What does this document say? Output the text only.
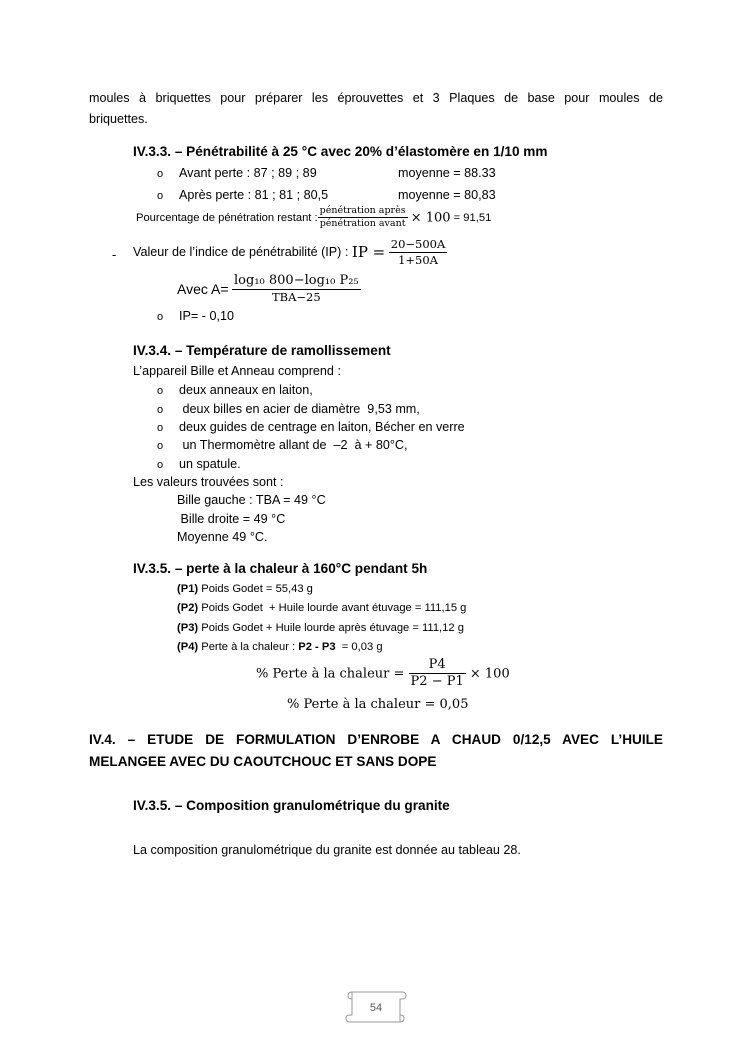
moules à briquettes pour préparer les éprouvettes et 3 Plaques de base pour moules de
briquettes.
IV.3.3. – Pénétrabilité à 25 °C avec 20% d’élastomère en 1/10 mm
o Avant perte : 87 ; 89 ; 89	moyenne = 88.33
o Après perte : 81 ; 81 ; 80,5	moyenne = 80,83
Pourcentage de pénétration restant : $\frac{\text{pénétration après}}{\text{pénétration avant}} \times 100 = 91,51$
- Valeur de l’indice de pénétrabilité (IP) : IP = $\frac{20-500A}{1+50A}$
Avec $A= \frac{\text{log₁₀ 800−log₁₀ P₂₅}}{\text{TBA−25}}$
o IP= - 0,10
IV.3.4. – Température de ramollissement
L’appareil Bille et Anneau comprend :
o deux anneaux en laiton,
o deux billes en acier de diamètre  9,53 mm,
o deux guides de centrage en laiton, Bécher en verre
o un Thermomètre allant de  –2  à + 80°C,
o un spatule.
Les valeurs trouvées sont :
Bille gauche : TBA = 49 °C
Bille droite = 49 °C
Moyenne 49 °C.
IV.3.5. – perte à la chaleur à 160°C pendant 5h
(P1) Poids Godet = 55,43 g
(P2) Poids Godet  + Huile lourde avant étuvage = 111,15 g
(P3) Poids Godet + Huile lourde après étuvage = 111,12 g
(P4) Perte à la chaleur : P2 - P3  = 0,03 g
% Perte à la chaleur = $\frac{P4}{P2 - P1} \times 100$
% Perte à la chaleur = 0,05
IV.4. – ETUDE DE FORMULATION D’ENROBE A CHAUD 0/12,5 AVEC L’HUILE
MELANGEE AVEC DU CAOUTCHOUC ET SANS DOPE
IV.3.5. – Composition granulométrique du granite
La composition granulométrique du granite est donnée au tableau 28.
54
